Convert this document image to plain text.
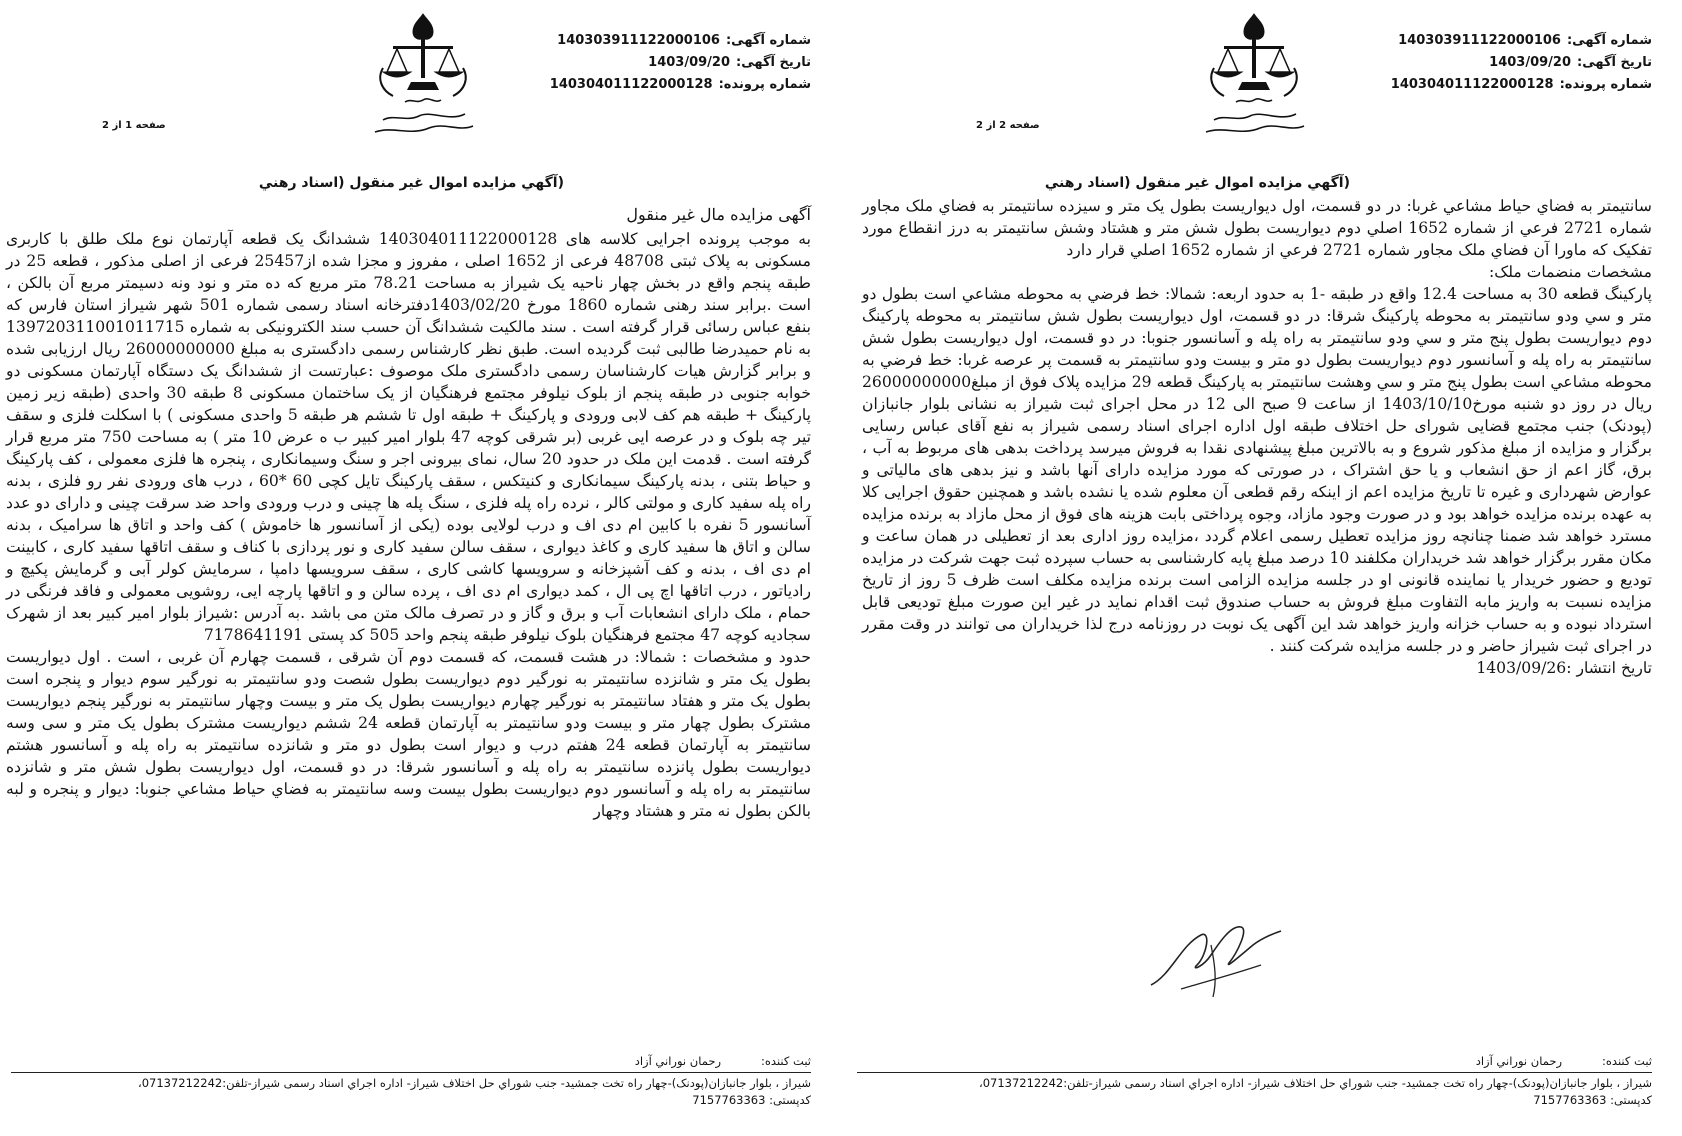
شماره آگهی:140303911122000106
تاریخ آگهی:1403/09/20
شماره پرونده:140304011122000128
صفحه 1 از 2
(آگهي مزايده اموال غير منقول (اسناد رهني
آگهی مزایده مال غیر منقول

به موجب پرونده اجرایی کلاسه های 140304011122000128 ششدانگ یک قطعه آپارتمان نوع ملک طلق با کاربری مسکونی به پلاک ثبتی 48708 فرعی از 1652 اصلی ، مفروز و مجزا شده از25457 فرعی از اصلی مذکور ، قطعه 25 در طبقه پنجم واقع در بخش چهار ناحیه یک شیراز به مساحت 78.21 متر مربع که ده متر و نود ونه دسیمتر مربع آن بالکن ، است .برابر سند رهنی شماره 1860 مورخ 1403/02/20دفترخانه اسناد رسمی شماره 501 شهر شیراز استان فارس که بنفع عباس رسائی قرار گرفته است . سند مالکیت ششدانگ آن حسب سند الکترونیکی به شماره 139720311001011715 به نام حمیدرضا طالبی ثبت گردیده است. طبق نظر کارشناس رسمی دادگستری به مبلغ 26000000000 ریال ارزیابی شده و برابر گزارش هیات کارشناسان رسمی دادگستری ملک موصوف :عبارتست از ششدانگ یک دستگاه آپارتمان مسکونی دو خوابه جنوبی در طبقه پنجم از بلوک نیلوفر مجتمع فرهنگیان از یک ساختمان مسکونی 8 طبقه 30 واحدی (طبقه زیر زمین پارکینگ + طبقه هم کف لابی ورودی و پارکینگ + طبقه اول تا ششم هر طبقه 5 واحدی مسکونی ) با اسکلت فلزی و سقف تیر چه بلوک و در عرصه ایی غربی (بر شرقی کوچه 47 بلوار امیر کبیر ب ه عرض 10 متر ) به مساحت 750 متر مربع قرار گرفته است . قدمت این ملک در حدود 20 سال، نمای بیرونی اجر و سنگ وسیمانکاری ، پنجره ها فلزی معمولی ، کف پارکینگ و حیاط بتنی ، بدنه پارکینگ سیمانکاری و کنیتکس ، سقف پارکینگ تایل کچی 60 *60 ، درب های ورودی نفر رو فلزی ، بدنه راه پله سفید کاری و مولتی کالر ، نرده راه پله فلزی ، سنگ پله ها چینی و درب ورودی واحد ضد سرقت چینی و دارای دو عدد آسانسور 5 نفره با کابین ام دی اف و درب لولایی بوده (یکی از آسانسور ها خاموش ) کف واحد و اتاق ها سرامیک ، بدنه سالن و اتاق ها سفید کاری و کاغذ دیواری ، سقف سالن سفید کاری و نور پردازی با کناف و سقف اتاقها سفید کاری ، کابینت ام دی اف ، بدنه و کف آشپزخانه و سرویسها کاشی کاری ، سقف سرویسها دامپا ، سرمایش کولر آبی و گرمایش پکیچ و رادیاتور ، درب اتاقها اچ پی ال ، کمد دیواری ام دی اف ، پرده سالن و و اتاقها پارچه ایی، روشویی معمولی و فاقد فرنگی در حمام ، ملک دارای انشعابات آب و برق و گاز و در تصرف مالک متن می باشد .به آدرس :شیراز بلوار امیر کبیر بعد از شهرک سجادیه کوچه 47 مجتمع فرهنگیان بلوک نیلوفر طبقه پنجم واحد 505 کد پستی 7178641191

حدود و مشخصات : شمالا: در هشت قسمت، که قسمت دوم آن شرقی ، قسمت چهارم آن غربی ، است . اول دیواریست بطول یک متر و شانزده سانتیمتر به نورگیر دوم دیواریست بطول شصت ودو سانتیمتر به نورگیر سوم دیوار و پنجره است بطول یک متر و هفتاد سانتیمتر به نورگیر چهارم دیواریست بطول یک متر و بیست وچهار سانتیمتر به نورگیر پنجم دیواریست مشترک بطول چهار متر و بیست ودو سانتیمتر به آپارتمان قطعه 24 ششم دیواریست مشترک بطول یک متر و سی وسه سانتیمتر به آپارتمان قطعه 24 هفتم درب و دیوار است بطول دو متر و شانزده سانتیمتر به راه پله و آسانسور هشتم دیواریست بطول پانزده سانتیمتر به راه پله و آسانسور شرقا: در دو قسمت، اول دیواریست بطول شش متر و شانزده سانتیمتر به راه پله و آسانسور دوم دیواریست بطول بیست وسه سانتیمتر به فضاي حياط مشاعي جنوبا: دیوار و پنجره و لبه بالکن بطول نه متر و هشتاد وچهار

ثبت کننده:
رحمان نوراني آزاد
شیراز ، بلوار جانبازان(پودنک)-چهار راه تخت جمشید- جنب شوراي حل اختلاف شیراز- اداره اجراي اسناد رسمی شیراز-تلفن:07137212242،
کدپستی: 7157763363
شماره آگهی:140303911122000106
تاریخ آگهی:1403/09/20
شماره پرونده:140304011122000128
صفحه 2 از 2
(آگهي مزايده اموال غير منقول (اسناد رهني

سانتیمتر به فضاي حياط مشاعي غربا: در دو قسمت، اول دیواریست بطول یک متر و سیزده سانتیمتر به فضاي ملک مجاور شماره 2721 فرعي از شماره 1652 اصلي دوم دیواریست بطول شش متر و هشتاد وشش سانتیمتر به درز انقطاع مورد تفکیک که ماورا آن فضاي ملک مجاور شماره 2721 فرعي از شماره 1652 اصلي قرار دارد

مشخصات منضمات ملک:

پارکینگ قطعه 30 به مساحت 12.4 واقع در طبقه -1 به حدود اربعه: شمالا: خط فرضي به محوطه مشاعي است بطول دو متر و سي ودو سانتيمتر به محوطه پارکينگ شرقا: در دو قسمت، اول دیواریست بطول شش سانتیمتر به محوطه پارکینگ دوم دیواریست بطول پنج متر و سي ودو سانتيمتر به راه پله و آسانسور جنوبا: در دو قسمت، اول دیواریست بطول شش سانتیمتر به راه پله و آسانسور دوم دیواریست بطول دو متر و بیست ودو سانتیمتر به قسمت پر عرصه غربا: خط فرضي به محوطه مشاعي است بطول پنج متر و سي وهشت سانتيمتر به پارکينگ قطعه 29 مزایده پلاک فوق از مبلغ26000000000 ریال در روز دو شنبه مورخ1403/10/10 از ساعت 9 صبح الی 12 در محل اجرای ثبت شیراز به نشانی بلوار جانبازان (پودنک) جنب مجتمع قضایی شورای حل اختلاف طبقه اول اداره اجرای اسناد رسمی شیراز به نفع آقای عباس رسایی برگزار و مزایده از مبلغ مذکور شروع و به بالاترین مبلغ پیشنهادی نقدا به فروش میرسد پرداخت بدهی های مربوط به آب ، برق، گاز اعم از حق انشعاب و یا حق اشتراک ، در صورتی که مورد مزایده دارای آنها باشد و نیز بدهی های مالیاتی و عوارض شهرداری و غیره تا تاریخ مزایده اعم از اینکه رقم قطعی آن معلوم شده یا نشده باشد و همچنین حقوق اجرایی کلا به عهده برنده مزایده خواهد بود و در صورت وجود مازاد، وجوه پرداختی بابت هزینه های فوق از محل مازاد به برنده مزایده مسترد خواهد شد ضمنا چنانچه روز مزایده تعطیل رسمی اعلام گردد ،مزایده روز اداری بعد از تعطیلی در همان ساعت و مکان مقرر برگزار خواهد شد خریداران مکلفند 10 درصد مبلغ پایه کارشناسی به حساب سپرده ثبت جهت شرکت در مزایده تودیع و حضور خریدار یا نماینده قانونی او در جلسه مزایده الزامی است برنده مزایده مکلف است ظرف 5 روز از تاریخ مزایده نسبت به واریز مابه التفاوت مبلغ فروش به حساب صندوق ثبت اقدام نماید در غیر این صورت مبلغ تودیعی قابل استرداد نبوده و به حساب خزانه واریز خواهد شد این آگهی یک نوبت در روزنامه درج لذا خریداران می توانند در وقت مقرر در اجرای ثبت شیراز حاضر و در جلسه مزایده شرکت کنند .

تاریخ انتشار :1403/09/26

ثبت کننده:
رحمان نوراني آزاد
شیراز ، بلوار جانبازان(پودنک)-چهار راه تخت جمشید- جنب شوراي حل اختلاف شیراز- اداره اجراي اسناد رسمی شیراز-تلفن:07137212242،
کدپستی: 7157763363
